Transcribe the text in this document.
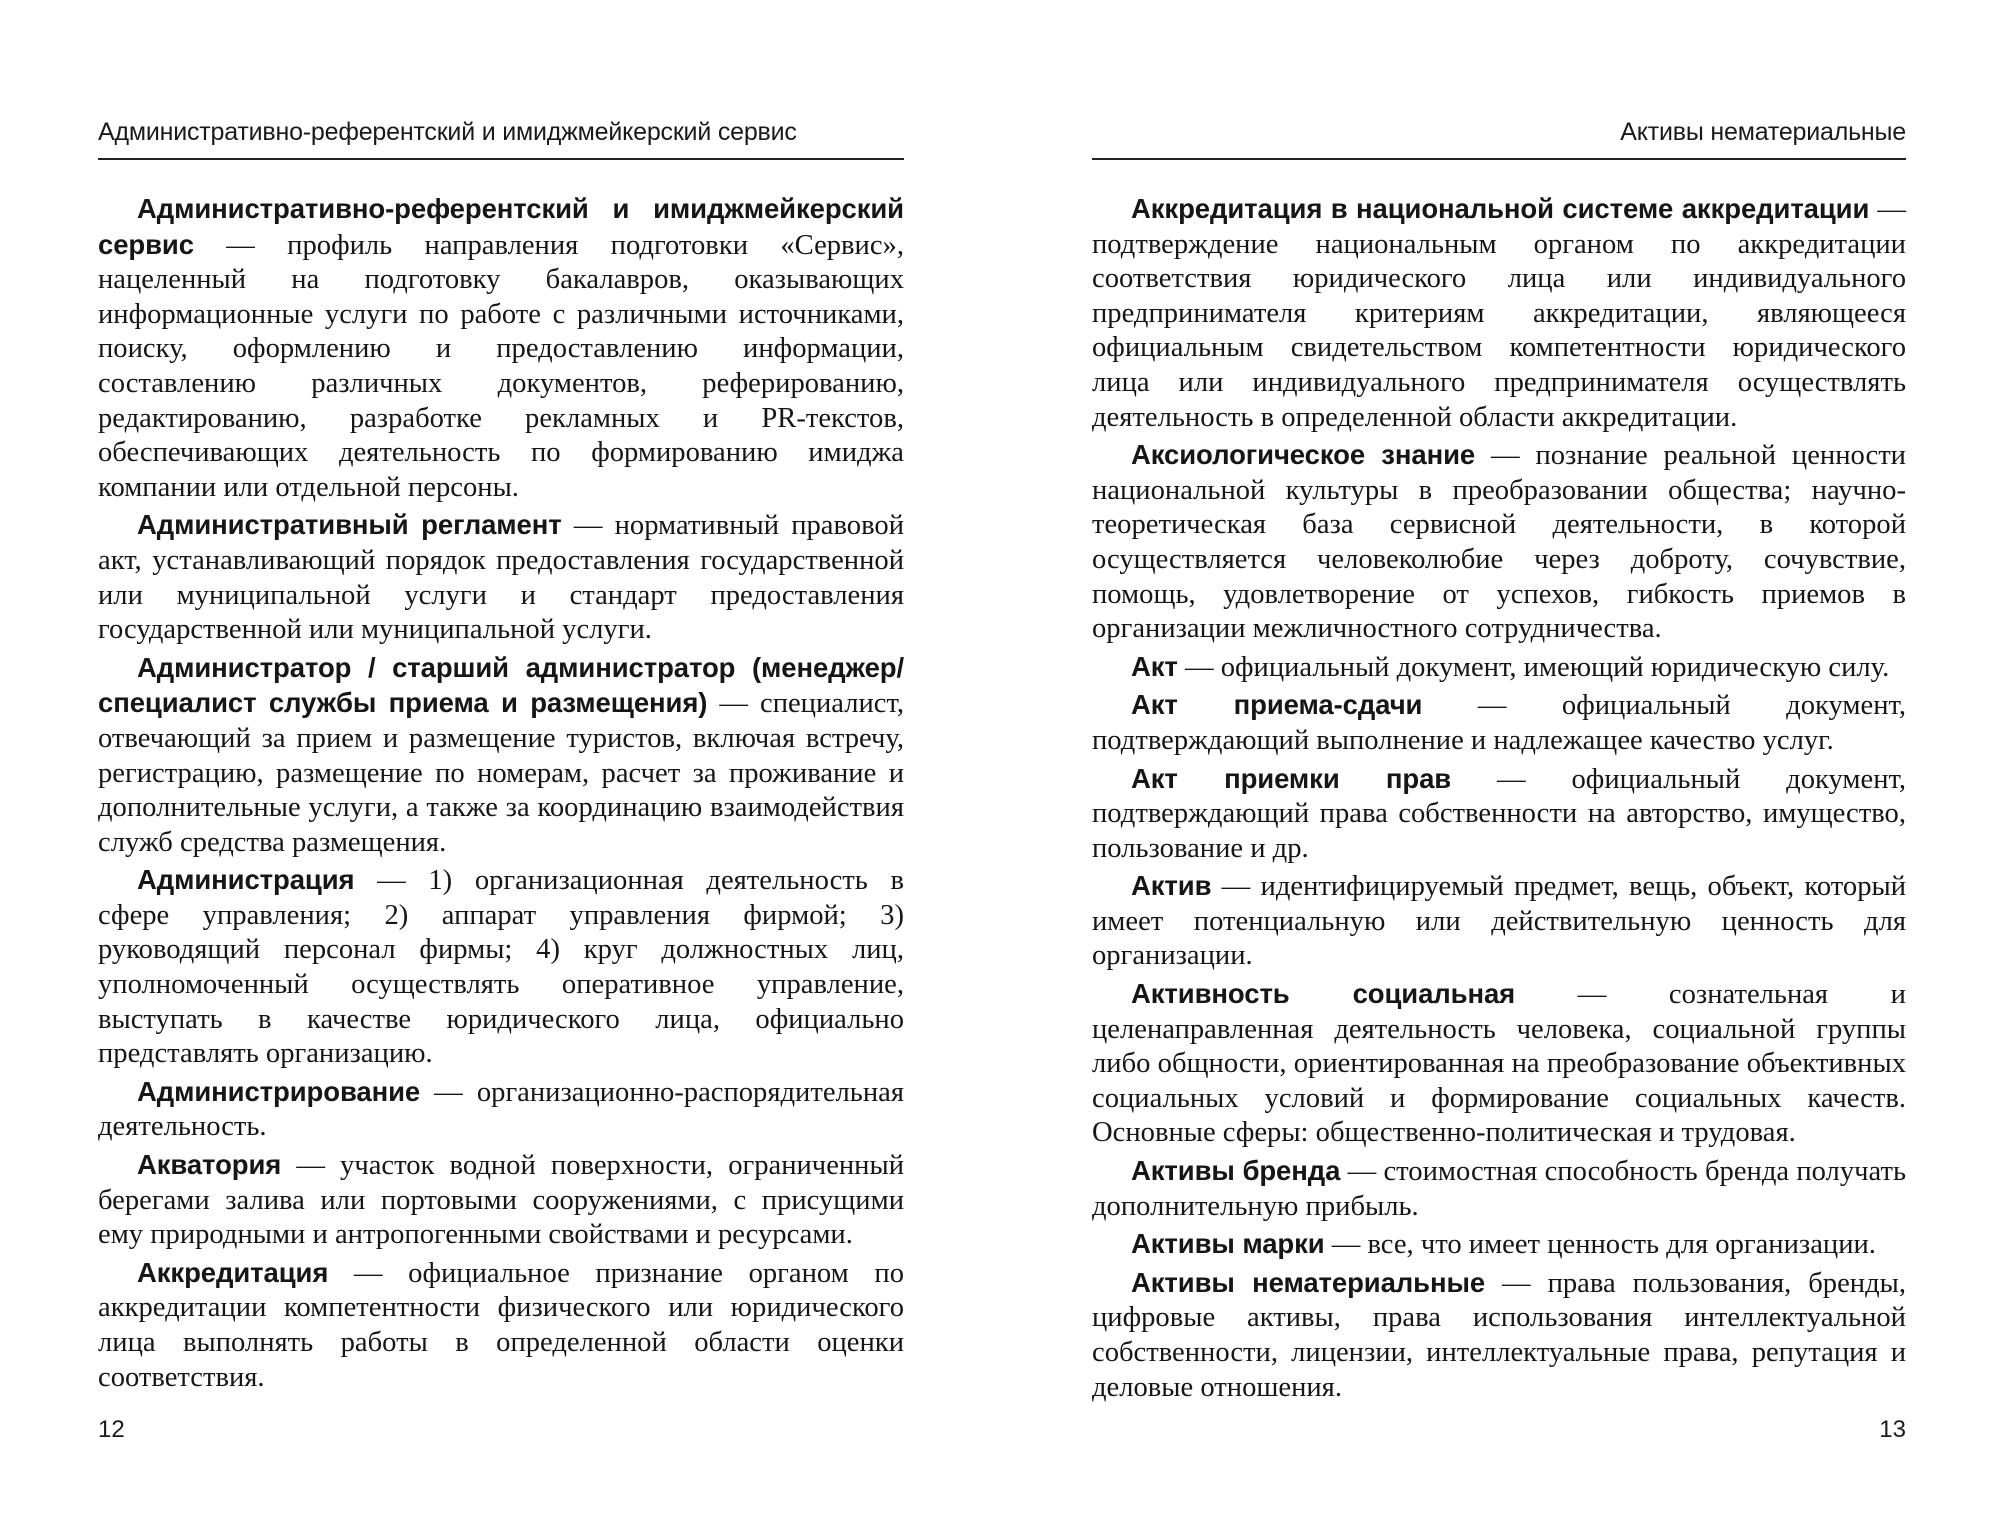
Административно-референтский и имиджмейкерский сервис

Административно-референтский и имиджмейкерский сервис — профиль направления подготовки «Сервис», нацеленный на подготовку бакалавров, оказывающих информационные услуги по работе с различными источниками, поиску, оформлению и предоставлению информации, составлению различных документов, реферированию, редактированию, разработке рекламных и PR-текстов, обеспечивающих деятельность по формированию имиджа компании или отдельной персоны.

Административный регламент — нормативный правовой акт, устанавливающий порядок предоставления государственной или муниципальной услуги и стандарт предоставления государственной или муниципальной услуги.

Администратор / старший администратор (менеджер/специалист службы приема и размещения) — специалист, отвечающий за прием и размещение туристов, включая встречу, регистрацию, размещение по номерам, расчет за проживание и дополнительные услуги, а также за координацию взаимодействия служб средства размещения.

Администрация — 1) организационная деятельность в сфере управления; 2) аппарат управления фирмой; 3) руководящий персонал фирмы; 4) круг должностных лиц, уполномоченный осуществлять оперативное управление, выступать в качестве юридического лица, официально представлять организацию.

Администрирование — организационно-распорядительная деятельность.

Акватория — участок водной поверхности, ограниченный берегами залива или портовыми сооружениями, с присущими ему природными и антропогенными свойствами и ресурсами.

Аккредитация — официальное признание органом по аккредитации компетентности физического или юридического лица выполнять работы в определенной области оценки соответствия.

12
Активы нематериальные

Аккредитация в национальной системе аккредитации — подтверждение национальным органом по аккредитации соответствия юридического лица или индивидуального предпринимателя критериям аккредитации, являющееся официальным свидетельством компетентности юридического лица или индивидуального предпринимателя осуществлять деятельность в определенной области аккредитации.

Аксиологическое знание — познание реальной ценности национальной культуры в преобразовании общества; научно-теоретическая база сервисной деятельности, в которой осуществляется человеколюбие через доброту, сочувствие, помощь, удовлетворение от успехов, гибкость приемов в организации межличностного сотрудничества.

Акт — официальный документ, имеющий юридическую силу.

Акт приема-сдачи — официальный документ, подтверждающий выполнение и надлежащее качество услуг.

Акт приемки прав — официальный документ, подтверждающий права собственности на авторство, имущество, пользование и др.

Актив — идентифицируемый предмет, вещь, объект, который имеет потенциальную или действительную ценность для организации.

Активность социальная — сознательная и целенаправленная деятельность человека, социальной группы либо общности, ориентированная на преобразование объективных социальных условий и формирование социальных качеств. Основные сферы: общественно-политическая и трудовая.

Активы бренда — стоимостная способность бренда получать дополнительную прибыль.

Активы марки — все, что имеет ценность для организации.

Активы нематериальные — права пользования, бренды, цифровые активы, права использования интеллектуальной собственности, лицензии, интеллектуальные права, репутация и деловые отношения.

13
